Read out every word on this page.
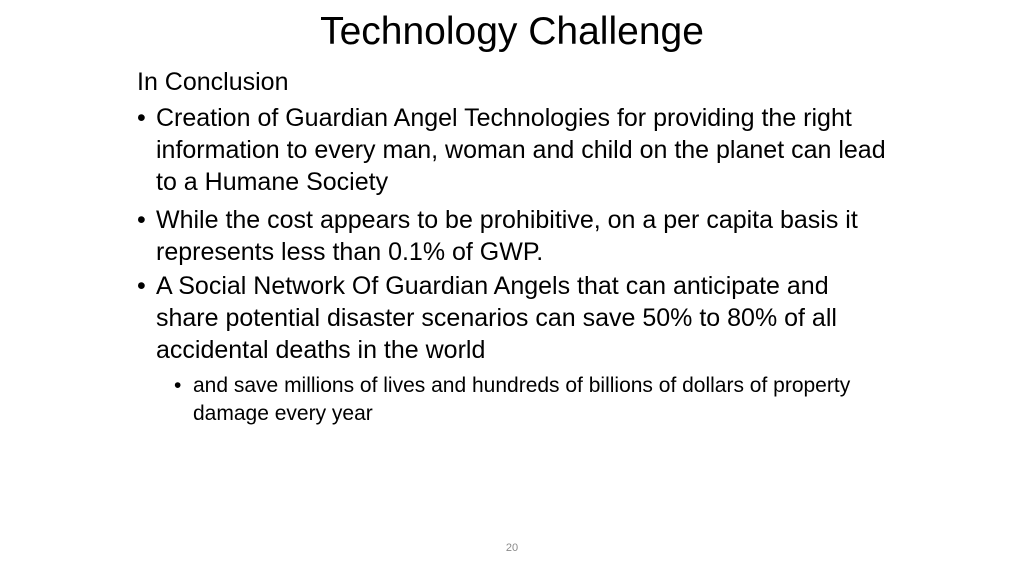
Technology Challenge
In Conclusion
• Creation of Guardian Angel Technologies for providing the right information to every man, woman and child on the planet can lead to a Humane Society
• While the cost appears to be prohibitive, on a per capita basis it represents less than 0.1% of GWP.
• A Social Network Of Guardian Angels that can anticipate and share potential disaster scenarios can save 50% to 80% of all accidental deaths in the world
• and save millions of lives and hundreds of billions of dollars of property damage every year
20
